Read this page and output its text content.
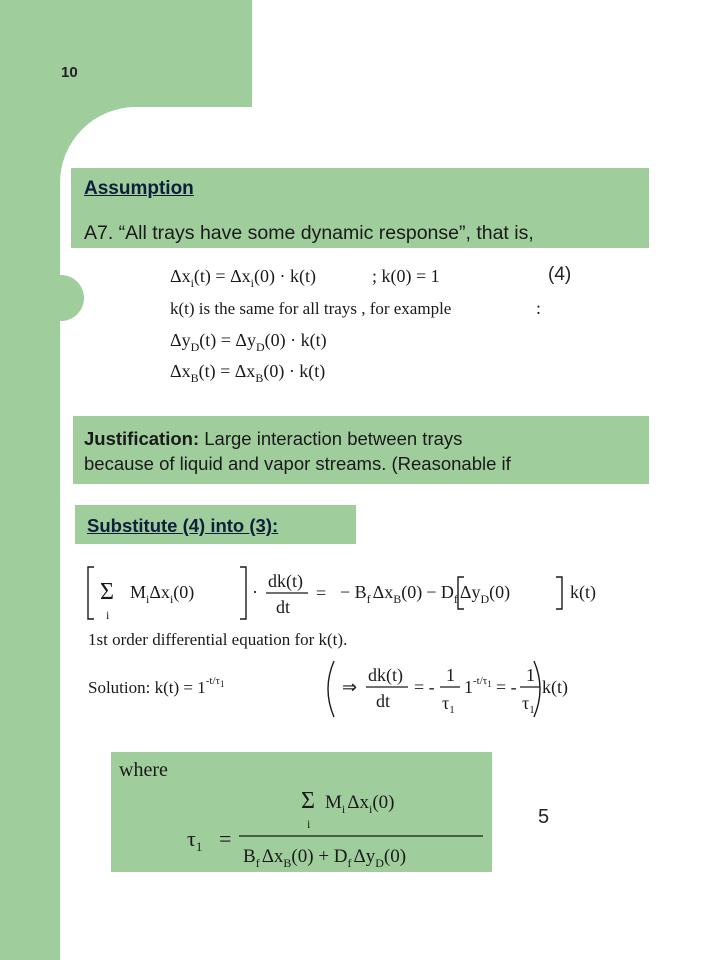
10
Assumption
A7. “All trays have some dynamic response”, that is,
$\Delta x_i(t) = \Delta x_i(0) \cdot k(t)$	; k(0) = 1
k(t) is the same for all trays , for example	:
$\Delta y_D(t) = \Delta y_D(0) \cdot k(t)$
$\Delta x_B(t) = \Delta x_B(0) \cdot k(t)$
(4)
Justification: Large interaction between trays
because of liquid and vapor streams. (Reasonable if
Substitute (4) into (3):
Σ
i
$M_i\Delta x_i(0)$	·
dk(t)
dt
= − $B_f$ $\Delta x_B(0) - D_f$ $\Delta y_D(0)$	k(t)
1st order differential equation for k(t).
Solution: $k(t) = 1^{-t/\tau}1$	⇒
dk(t)
dt
= -
1
$\tau_1$
$1^{-t/\tau}1$ = -
1
$\tau_1$
k(t)
where
$\tau_1$ =
Σ
i
$M_i$ $\Delta x_i(0)$
$B_f$ $\Delta x_B(0) + D_f$ $\Delta y_D(0)$
5
